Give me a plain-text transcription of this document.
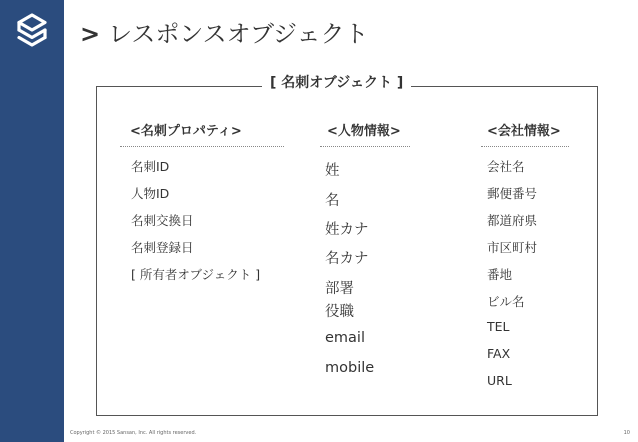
> レスポンスオブジェクト
[ 名刺オブジェクト ]
<名刺プロパティ>
名刺ID
人物ID
名刺交換日
名刺登録日
[ 所有者オブジェクト ]
<人物情報>
姓
名
姓カナ
名カナ
部署
役職
email
mobile
<会社情報>
会社名
郵便番号
都道府県
市区町村
番地
ビル名
TEL
FAX
URL
Copyright © 2015 Sansan, Inc. All rights reserved.	10
